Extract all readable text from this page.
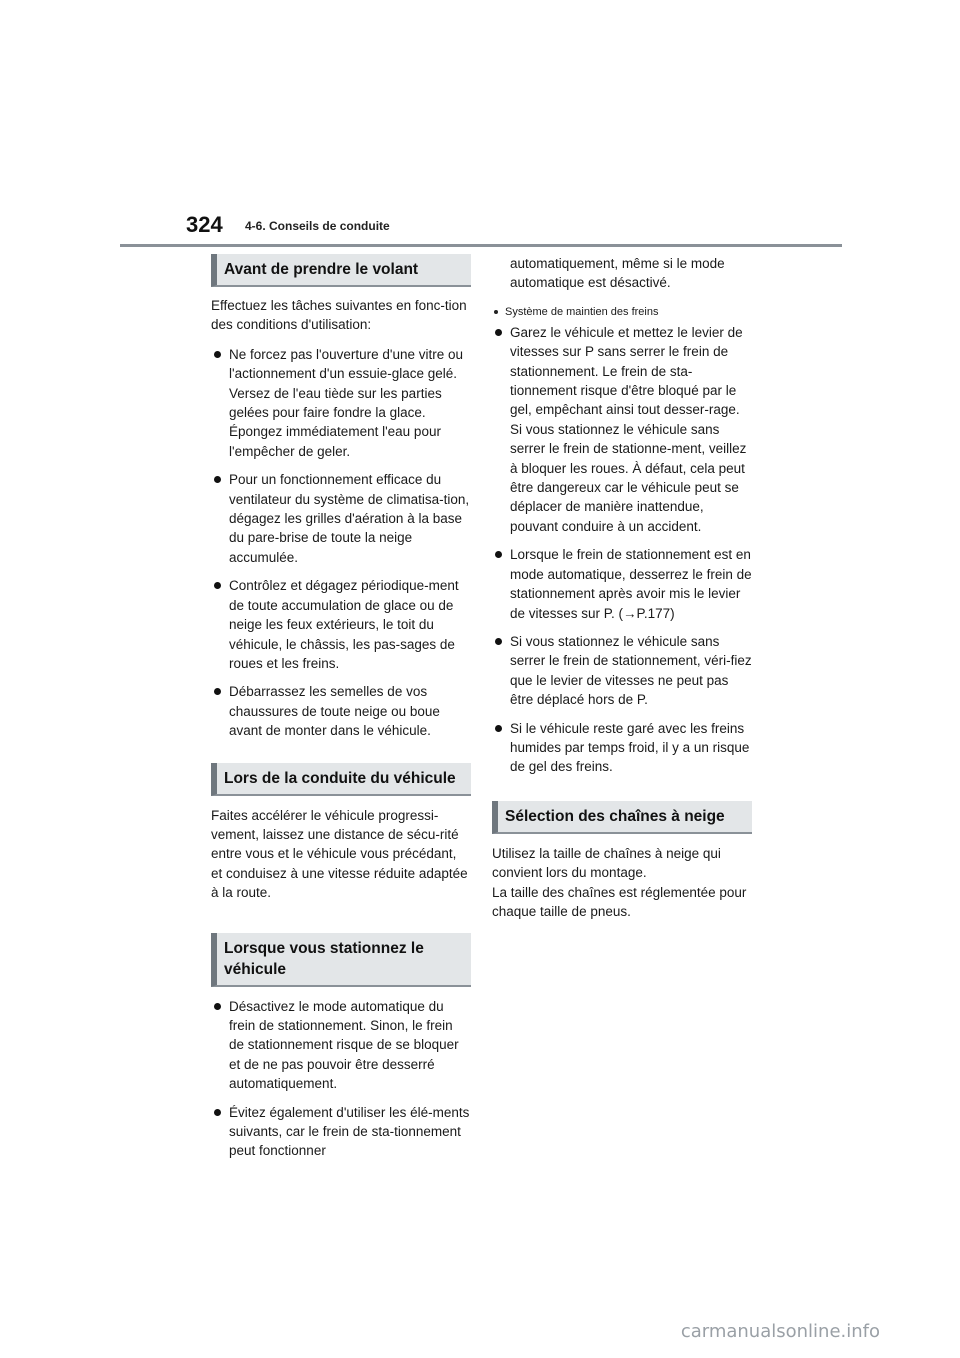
324 4-6. Conseils de conduite
Avant de prendre le volant

Effectuez les tâches suivantes en fonc-tion des conditions d'utilisation:

Ne forcez pas l'ouverture d'une vitre ou l'actionnement d'un essuie-glace gelé. Versez de l'eau tiède sur les parties gelées pour faire fondre la glace. Épongez immédiatement l'eau pour l'empêcher de geler.
Pour un fonctionnement efficace du ventilateur du système de climatisa-tion, dégagez les grilles d'aération à la base du pare-brise de toute la neige accumulée.
Contrôlez et dégagez périodique-ment de toute accumulation de glace ou de neige les feux extérieurs, le toit du véhicule, le châssis, les pas-sages de roues et les freins.
Débarrassez les semelles de vos chaussures de toute neige ou boue avant de monter dans le véhicule.
Lors de la conduite du véhicule

Faites accélérer le véhicule progressi-vement, laissez une distance de sécu-rité entre vous et le véhicule vous précédant, et conduisez à une vitesse réduite adaptée à la route.

Lorsque vous stationnez le véhicule
Désactivez le mode automatique du frein de stationnement. Sinon, le frein de stationnement risque de se bloquer et de ne pas pouvoir être desserré automatiquement.
Évitez également d'utiliser les élé-ments suivants, car le frein de sta-tionnement peut fonctionner

automatiquement, même si le mode automatique est désactivé.

Système de maintien des freins

Garez le véhicule et mettez le levier de vitesses sur P sans serrer le frein de stationnement. Le frein de sta-tionnement risque d'être bloqué par le gel, empêchant ainsi tout desser-rage. Si vous stationnez le véhicule sans serrer le frein de stationne-ment, veillez à bloquer les roues. À défaut, cela peut être dangereux car le véhicule peut se déplacer de manière inattendue, pouvant conduire à un accident.
Lorsque le frein de stationnement est en mode automatique, desserrez le frein de stationnement après avoir mis le levier de vitesses sur P. (→P.177)
Si vous stationnez le véhicule sans serrer le frein de stationnement, véri-fiez que le levier de vitesses ne peut pas être déplacé hors de P.
Si le véhicule reste garé avec les freins humides par temps froid, il y a un risque de gel des freins.
Sélection des chaînes à neige

Utilisez la taille de chaînes à neige qui convient lors du montage.

La taille des chaînes est réglementée pour chaque taille de pneus.

carmanualsonline.info
